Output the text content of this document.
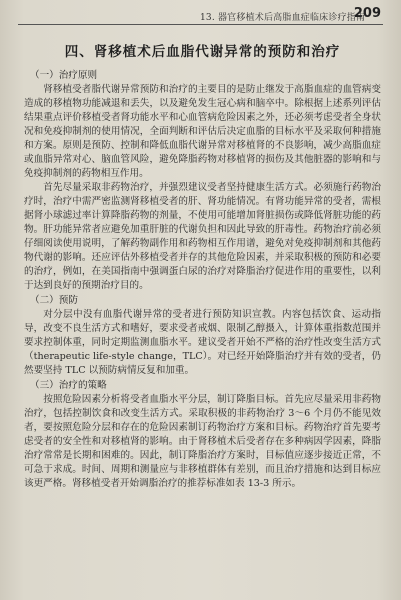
13. 器官移植术后高脂血症临床诊疗指南
209
四、肾移植术后血脂代谢异常的预防和治疗

（一）治疗原则

肾移植受者脂代谢异常预防和治疗的主要目的是防止继发于高脂血症的血管病变造成的移植物功能减退和丢失，以及避免发生冠心病和脑卒中。除根据上述系列评估结果重点评价移植受者肾功能水平和心血管病危险因素之外，还必须考虑受者全身状况和免疫抑制剂的使用情况，全面判断和评估后决定血脂的目标水平及采取何种措施和方案。原则是预防、控制和降低血脂代谢异常对移植肾的不良影响，减少高脂血症或血脂异常对心、脑血管风险，避免降脂药物对移植肾的损伤及其他脏器的影响和与免疫抑制剂的药物相互作用。

首先尽量采取非药物治疗，并强烈建议受者坚持健康生活方式。必须施行药物治疗时，治疗中需严密监测肾移植受者的肝、肾功能情况。有肾功能异常的受者，需根据肾小球滤过率计算降脂药物的剂量，不使用可能增加肾脏损伤或降低肾脏功能的药物。肝功能异常者应避免加重肝脏的代谢负担和因此导致的肝毒性。药物治疗前必须仔细阅读使用说明，了解药物副作用和药物相互作用谱，避免对免疫抑制剂和其他药物代谢的影响。还应评估外移植受者并存的其他危险因素，并采取积极的预防和必要的治疗，例如，在美国指南中强调蛋白尿的治疗对降脂治疗促进作用的重要性，以利于达到良好的预期治疗目的。

（二）预防

对分层中没有血脂代谢异常的受者进行预防知识宣教。内容包括饮食、运动指导，改变不良生活方式和嗜好，要求受者戒烟、限制乙醇摄入，计算体重指数范围并要求控制体重，同时定期监测血脂水平。建议受者开始不严格的治疗性改变生活方式（therapeutic life-style change，TLC）。对已经开始降脂治疗并有效的受者，仍然要坚持 TLC 以预防病情反复和加重。

（三）治疗的策略

按照危险因素分析将受者血脂水平分层，制订降脂目标。首先应尽量采用非药物治疗，包括控制饮食和改变生活方式。采取积极的非药物治疗 3～6 个月仍不能见效者，要按照危险分层和存在的危险因素制订药物治疗方案和目标。药物治疗首先要考虑受者的安全性和对移植肾的影响。由于肾移植术后受者存在多种病因学因素，降脂治疗常常是长期和困难的。因此，制订降脂治疗方案时，目标值应逐步接近正常，不可急于求成。时间、周期和测量应与非移植群体有差别，而且治疗措施和达到目标应该更严格。肾移植受者开始调脂治疗的推荐标准如表 13-3 所示。
